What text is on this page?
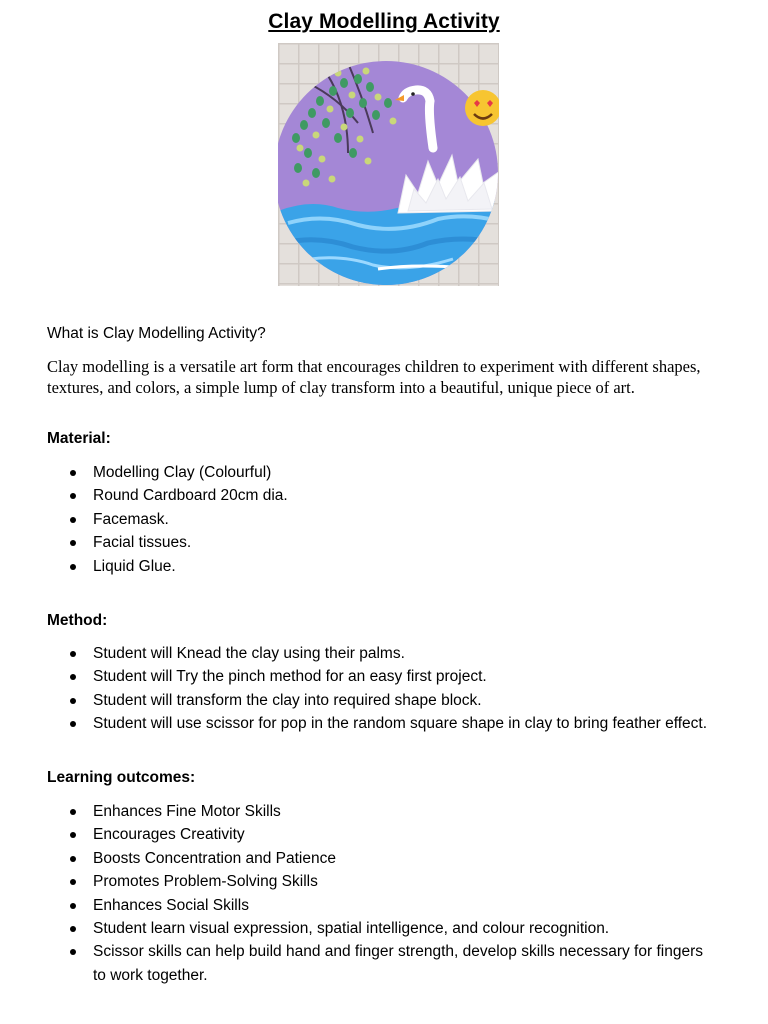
Clay Modelling Activity
What is Clay Modelling Activity?
Clay modelling is a versatile art form that encourages children to experiment with different shapes, textures, and colors, a simple lump of clay transform into a beautiful, unique piece of art.
Material:
Modelling Clay (Colourful)
Round Cardboard 20cm dia.
Facemask.
Facial tissues.
Liquid Glue.
Method:
Student will Knead the clay using their palms.
Student will Try the pinch method for an easy first project.
Student will transform the clay into required shape block.
Student will use scissor for pop in the random square shape in clay to bring feather effect.
Learning outcomes:
Enhances Fine Motor Skills
Encourages Creativity
Boosts Concentration and Patience
Promotes Problem-Solving Skills
Enhances Social Skills
Student learn visual expression, spatial intelligence, and colour recognition.
Scissor skills can help build hand and finger strength, develop skills necessary for fingers to work together.
